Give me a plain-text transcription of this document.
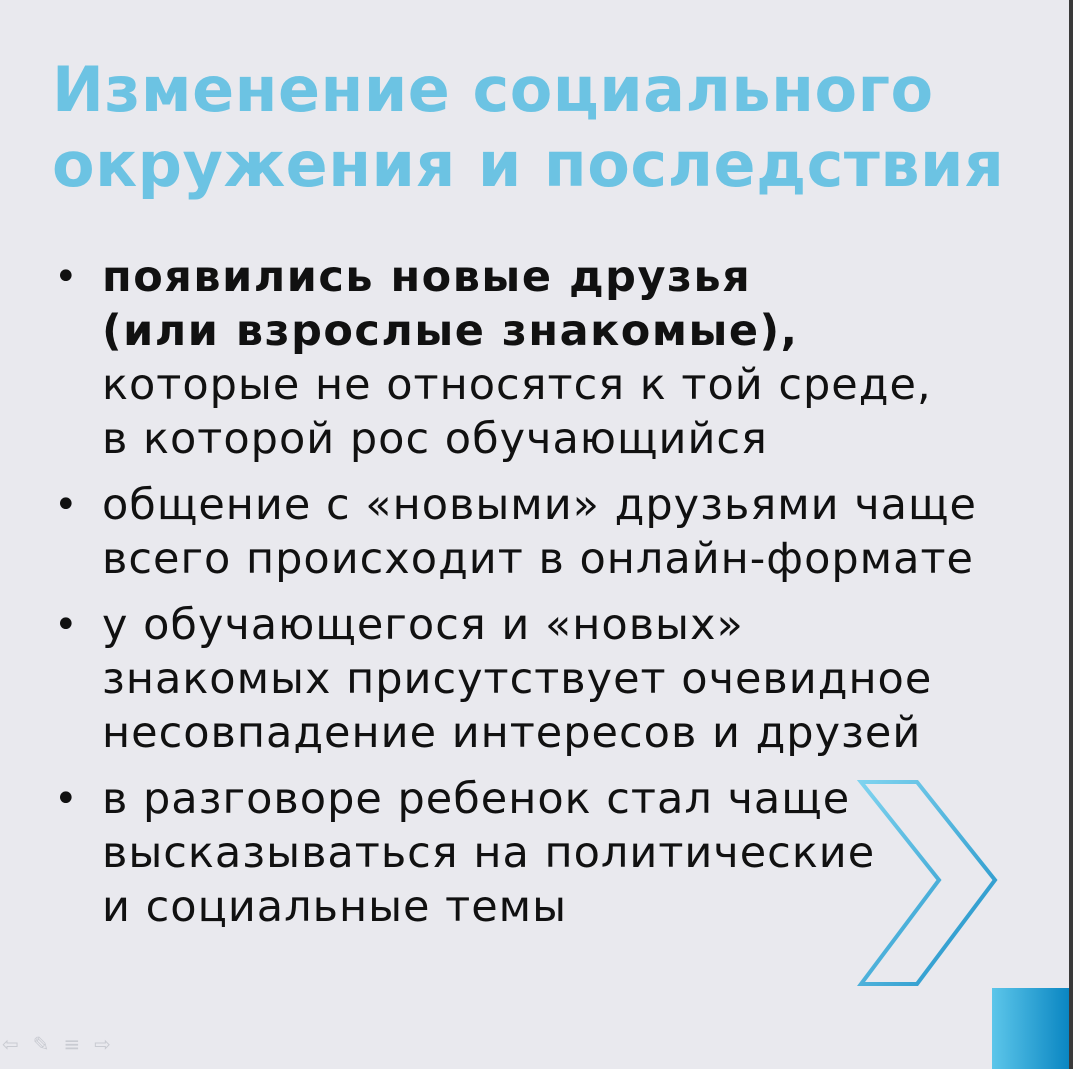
Изменение социального
окружения и последствия
• появились новые друзья
(или взрослые знакомые),
которые не относятся к той среде,
в которой рос обучающийся
• общение с «новыми» друзьями чаще
всего происходит в онлайн-формате
• у обучающегося и «новых»
знакомых присутствует очевидное
несовпадение интересов и друзей
• в разговоре ребенок стал чаще
высказываться на политические
и социальные темы
⇦ ✎ ≡ ⇨
